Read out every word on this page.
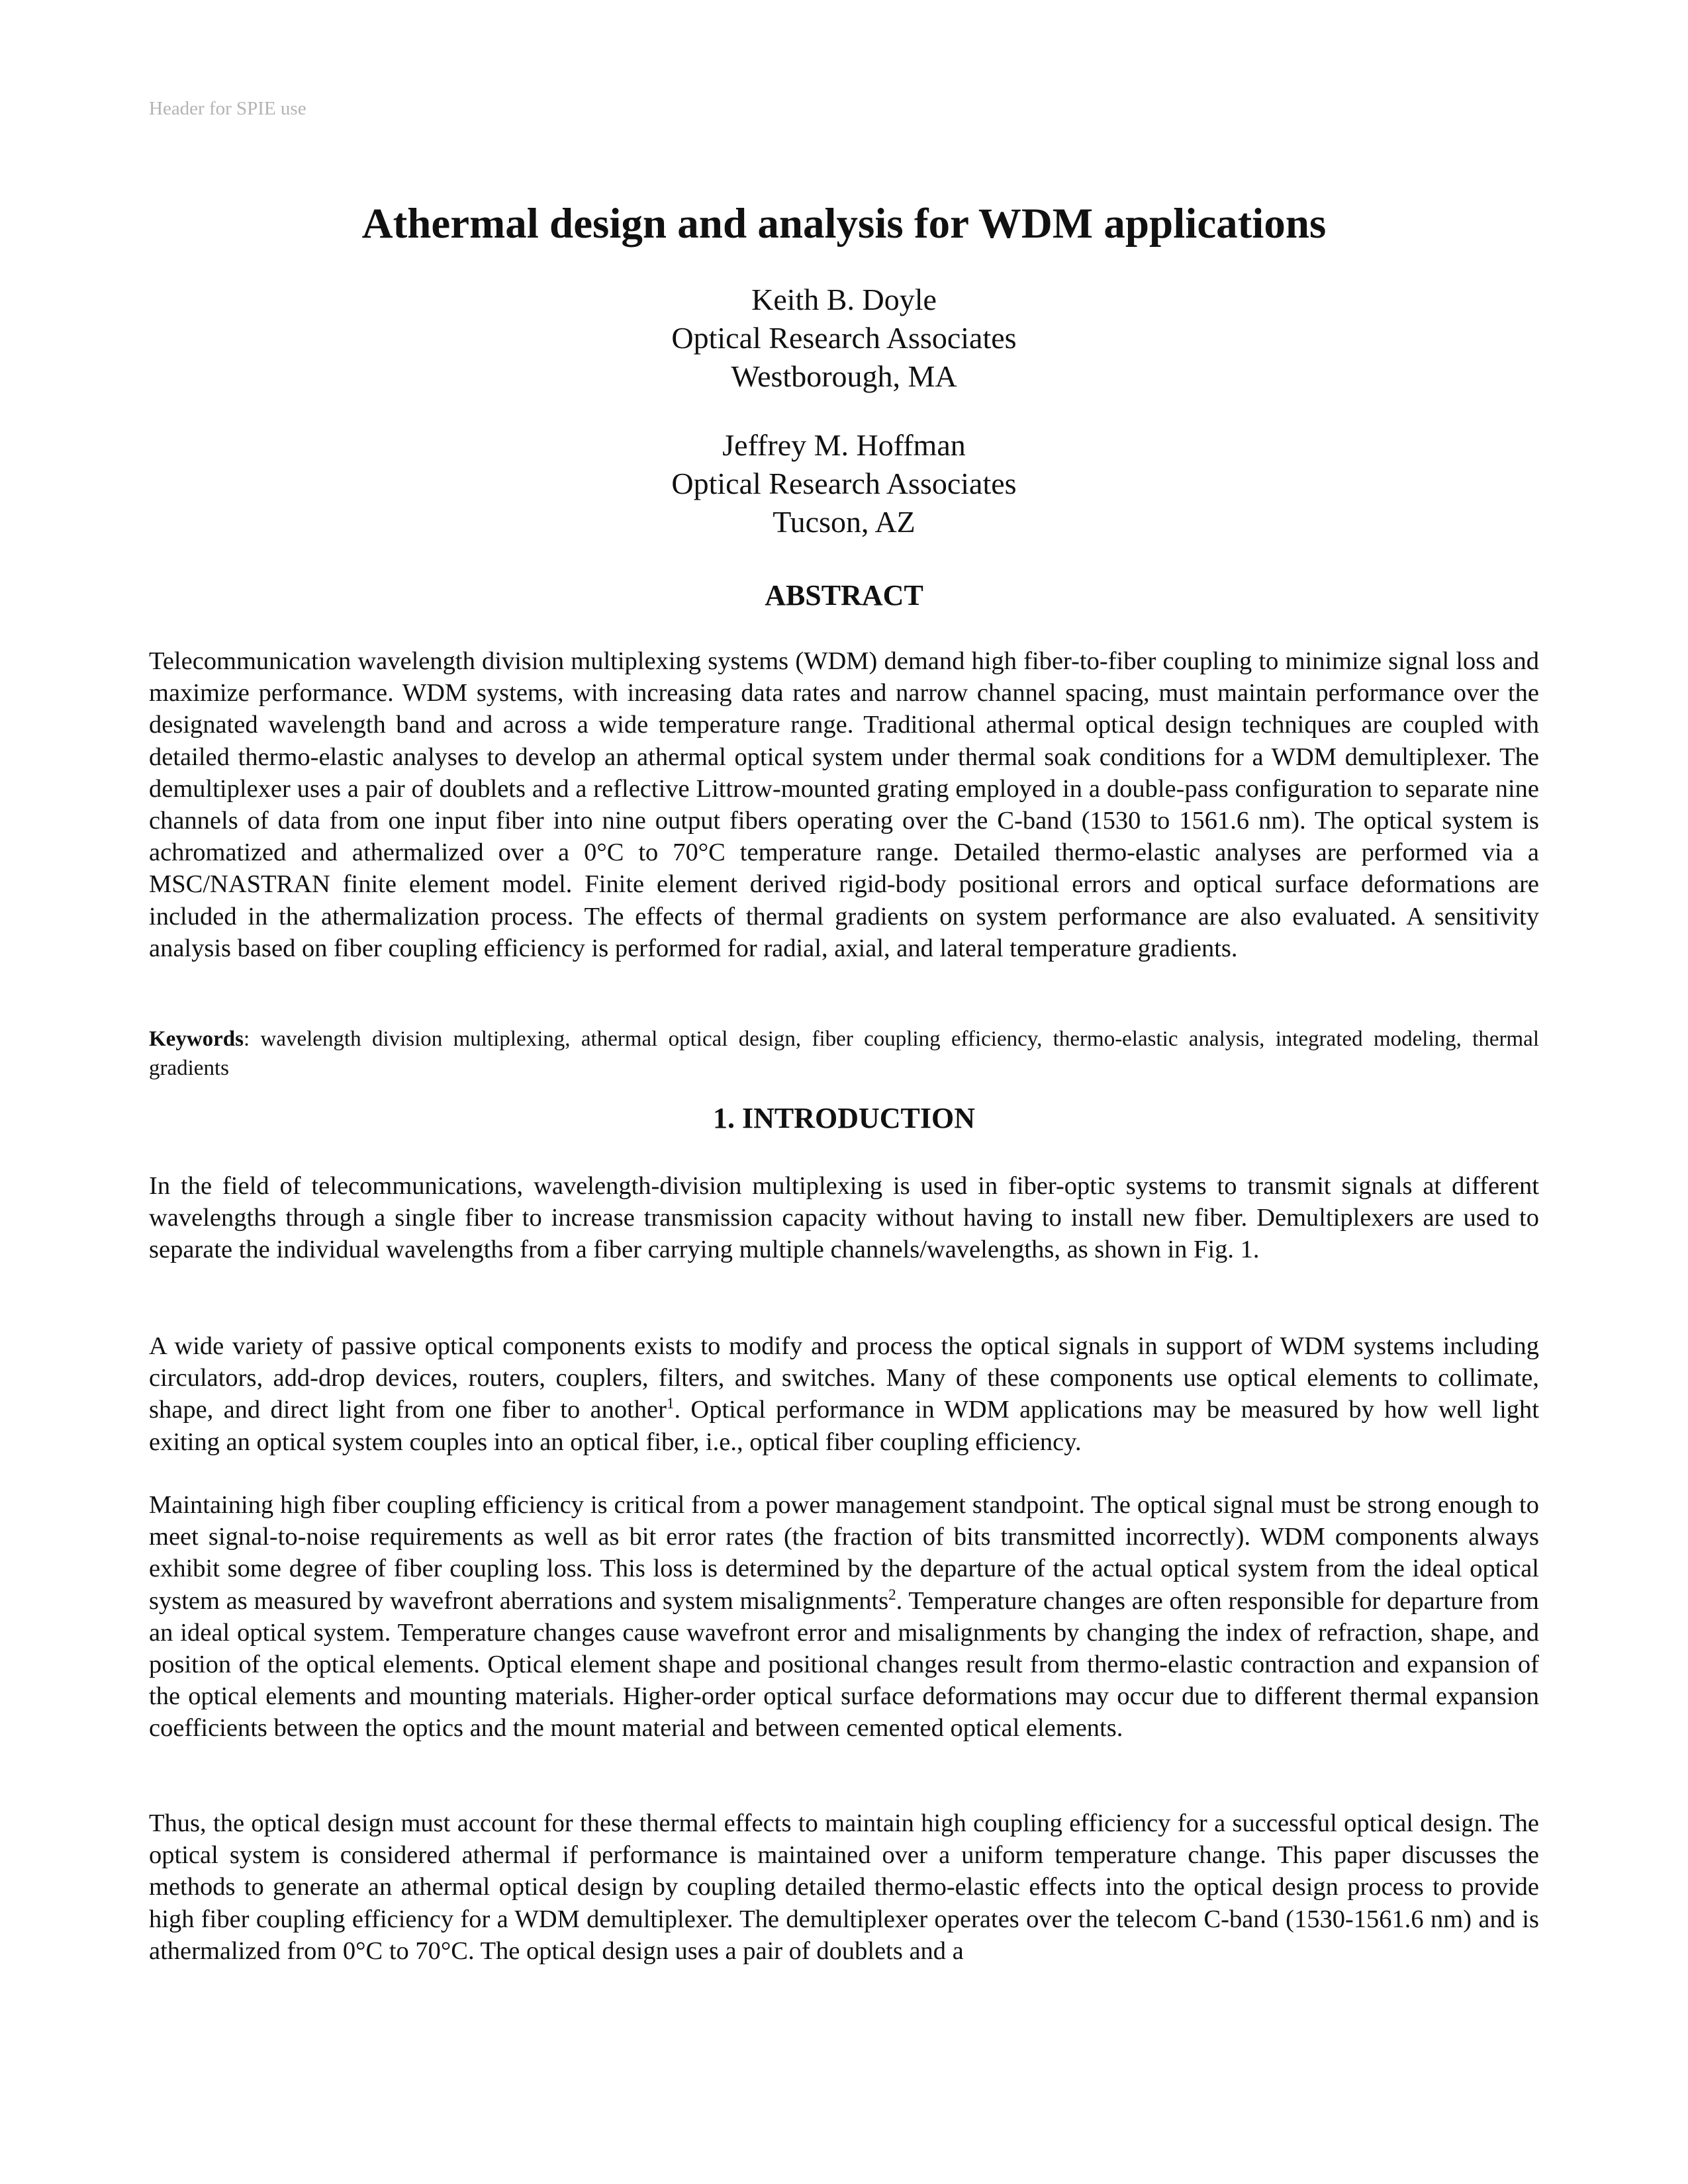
Header for SPIE use
Athermal design and analysis for WDM applications
Keith B. Doyle
Optical Research Associates
Westborough, MA
Jeffrey M. Hoffman
Optical Research Associates
Tucson, AZ
ABSTRACT

Telecommunication wavelength division multiplexing systems (WDM) demand high fiber-to-fiber coupling to minimize signal loss and maximize performance. WDM systems, with increasing data rates and narrow channel spacing, must maintain performance over the designated wavelength band and across a wide temperature range. Traditional athermal optical design techniques are coupled with detailed thermo-elastic analyses to develop an athermal optical system under thermal soak conditions for a WDM demultiplexer. The demultiplexer uses a pair of doublets and a reflective Littrow-mounted grating employed in a double-pass configuration to separate nine channels of data from one input fiber into nine output fibers operating over the C-band (1530 to 1561.6 nm). The optical system is achromatized and athermalized over a 0°C to 70°C temperature range. Detailed thermo-elastic analyses are performed via a MSC/NASTRAN finite element model. Finite element derived rigid-body positional errors and optical surface deformations are included in the athermalization process. The effects of thermal gradients on system performance are also evaluated. A sensitivity analysis based on fiber coupling efficiency is performed for radial, axial, and lateral temperature gradients.

Keywords: wavelength division multiplexing, athermal optical design, fiber coupling efficiency, thermo-elastic analysis, integrated modeling, thermal gradients

1. INTRODUCTION

In the field of telecommunications, wavelength-division multiplexing is used in fiber-optic systems to transmit signals at different wavelengths through a single fiber to increase transmission capacity without having to install new fiber. Demultiplexers are used to separate the individual wavelengths from a fiber carrying multiple channels/wavelengths, as shown in Fig. 1.

A wide variety of passive optical components exists to modify and process the optical signals in support of WDM systems including circulators, add-drop devices, routers, couplers, filters, and switches. Many of these components use optical elements to collimate, shape, and direct light from one fiber to another$^1$. Optical performance in WDM applications may be measured by how well light exiting an optical system couples into an optical fiber, i.e., optical fiber coupling efficiency.

Maintaining high fiber coupling efficiency is critical from a power management standpoint. The optical signal must be strong enough to meet signal-to-noise requirements as well as bit error rates (the fraction of bits transmitted incorrectly). WDM components always exhibit some degree of fiber coupling loss. This loss is determined by the departure of the actual optical system from the ideal optical system as measured by wavefront aberrations and system misalignments$^2$. Temperature changes are often responsible for departure from an ideal optical system. Temperature changes cause wavefront error and misalignments by changing the index of refraction, shape, and position of the optical elements. Optical element shape and positional changes result from thermo-elastic contraction and expansion of the optical elements and mounting materials. Higher-order optical surface deformations may occur due to different thermal expansion coefficients between the optics and the mount material and between cemented optical elements.

Thus, the optical design must account for these thermal effects to maintain high coupling efficiency for a successful optical design. The optical system is considered athermal if performance is maintained over a uniform temperature change. This paper discusses the methods to generate an athermal optical design by coupling detailed thermo-elastic effects into the optical design process to provide high fiber coupling efficiency for a WDM demultiplexer. The demultiplexer operates over the telecom C-band (1530-1561.6 nm) and is athermalized from 0°C to 70°C. The optical design uses a pair of doublets and a
